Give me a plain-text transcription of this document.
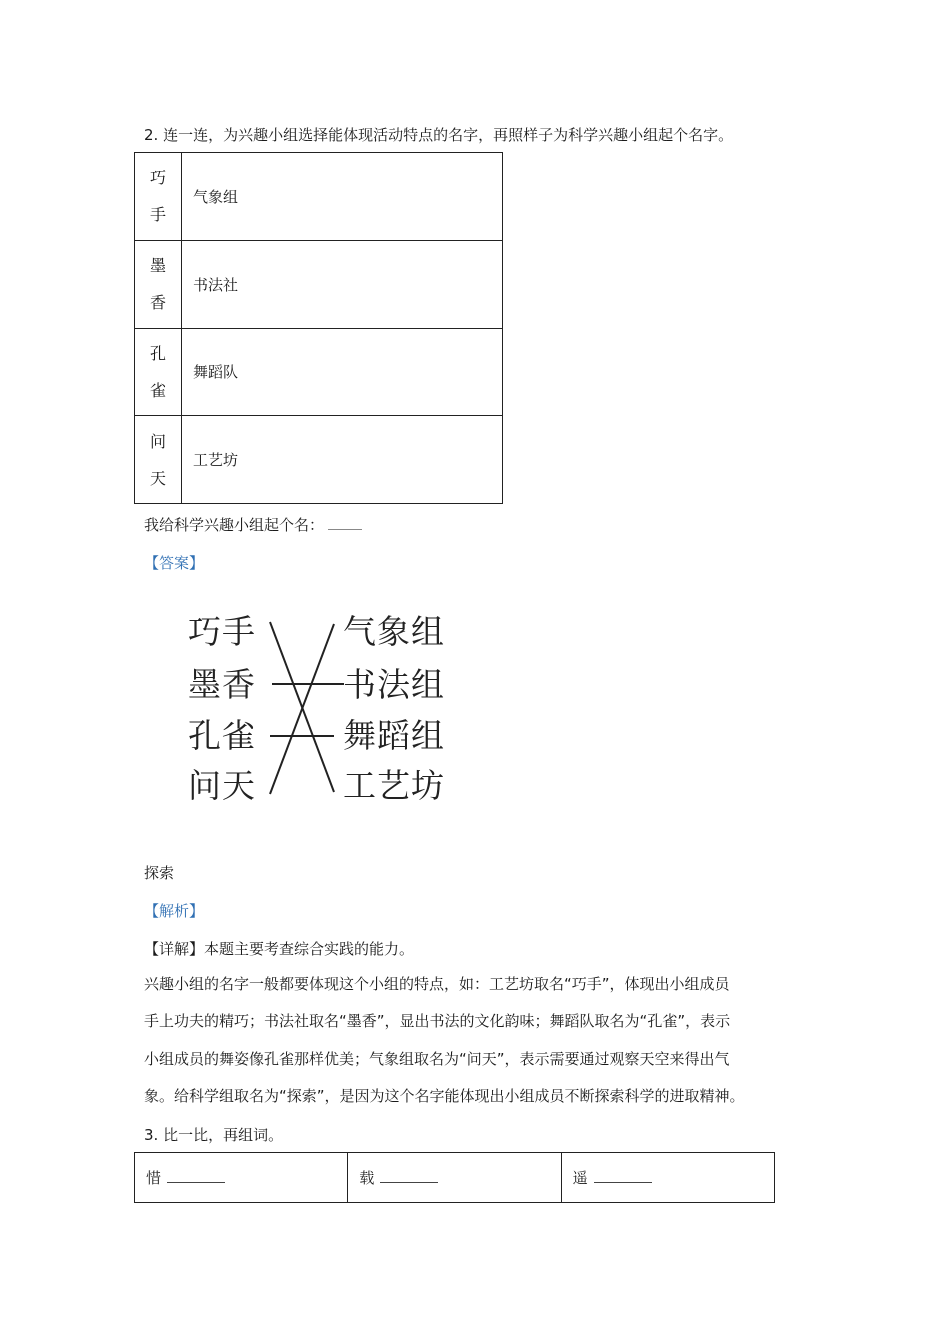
2. 连一连，为兴趣小组选择能体现活动特点的名字，再照样子为科学兴趣小组起个名字。
巧
手	气象组

墨
香	书法社

孔
雀	舞蹈队

问
天	工艺坊
我给科学兴趣小组起个名：
【答案】
巧手
墨香
孔雀
问天
气象组
书法组
舞蹈组
工艺坊
探索
【解析】
【详解】本题主要考查综合实践的能力。

兴趣小组的名字一般都要体现这个小组的特点，如：工艺坊取名“巧手”，体现出小组成员

手上功夫的精巧；书法社取名“墨香”，显出书法的文化韵味；舞蹈队取名为“孔雀”，表示

小组成员的舞姿像孔雀那样优美；气象组取名为“问天”，表示需要通过观察天空来得出气

象。给科学组取名为“探索”，是因为这个名字能体现出小组成员不断探索科学的进取精神。

3. 比一比，再组词。
惜	载	遥
